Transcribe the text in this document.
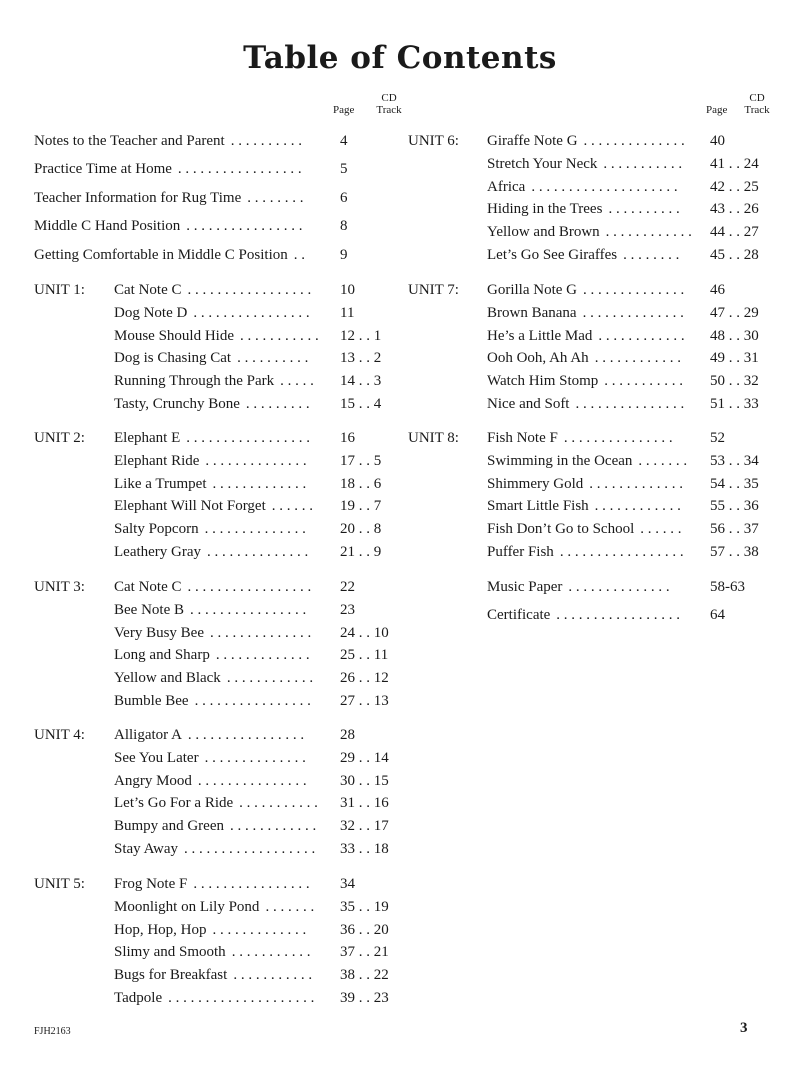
Table of Contents
Page
CD
Track	Page
CD
Track
Notes to the Teacher and Parent . . . . . . . . . .	4
Practice Time at Home . . . . . . . . . . . . . . . . .	5
Teacher Information for Rug Time . . . . . . . . 6
Middle C Hand Position . . . . . . . . . . . . . . . . 8
Getting Comfortable in Middle C Position . . 9
UNIT 1: Cat Note C . . . . . . . . . . . . . . . . . 10
Dog Note D . . . . . . . . . . . . . . . . 11
Mouse Should Hide . . . . . . . . . . . 12 . . 1
Dog is Chasing Cat . . . . . . . . . . 13 . . 2
Running Through the Park . . . . . 14 . . 3
Tasty, Crunchy Bone . . . . . . . . . 15 . . 4
UNIT 2: Elephant E . . . . . . . . . . . . . . . . . 16
Elephant Ride . . . . . . . . . . . . . . 17 . . 5
Like a Trumpet . . . . . . . . . . . . . 18 . . 6
Elephant Will Not Forget . . . . . . 19 . . 7
Salty Popcorn . . . . . . . . . . . . . . 20 . . 8
Leathery Gray . . . . . . . . . . . . . . 21 . . 9
UNIT 3: Cat Note C . . . . . . . . . . . . . . . . . 22
Bee Note B . . . . . . . . . . . . . . . . 23
Very Busy Bee . . . . . . . . . . . . . . 24 . . 10
Long and Sharp . . . . . . . . . . . . . 25 . . 11
Yellow and Black . . . . . . . . . . . . 26 . . 12
Bumble Bee . . . . . . . . . . . . . . . . 27 . . 13
UNIT 4: Alligator A . . . . . . . . . . . . . . . . 28
See You Later . . . . . . . . . . . . . . 29 . . 14
Angry Mood . . . . . . . . . . . . . . . 30 . . 15
Let’s Go For a Ride . . . . . . . . . . . 31 . . 16
Bumpy and Green . . . . . . . . . . . . 32 . . 17
Stay Away . . . . . . . . . . . . . . . . . . 33 . . 18
UNIT 5: Frog Note F . . . . . . . . . . . . . . . . 34
Moonlight on Lily Pond . . . . . . . 35 . . 19
Hop, Hop, Hop . . . . . . . . . . . . . 36 . . 20
Slimy and Smooth . . . . . . . . . . . 37 . . 21
Bugs for Breakfast . . . . . . . . . . . 38 . . 22
Tadpole . . . . . . . . . . . . . . . . . . . . 39 . . 23
UNIT 6: Giraffe Note G . . . . . . . . . . . . . . 40
Stretch Your Neck . . . . . . . . . . . 41 . . 24
Africa . . . . . . . . . . . . . . . . . . . . 42 . . 25
Hiding in the Trees . . . . . . . . . . 43 . . 26
Yellow and Brown . . . . . . . . . . . . 44 . . 27
Let’s Go See Giraffes . . . . . . . . 45 . . 28
UNIT 7: Gorilla Note G . . . . . . . . . . . . . . 46
Brown Banana . . . . . . . . . . . . . . 47 . . 29
He’s a Little Mad . . . . . . . . . . . . 48 . . 30
Ooh Ooh, Ah Ah . . . . . . . . . . . . 49 . . 31
Watch Him Stomp . . . . . . . . . . . 50 . . 32
Nice and Soft . . . . . . . . . . . . . . . 51 . . 33
UNIT 8: Fish Note F . . . . . . . . . . . . . . . 52
Swimming in the Ocean . . . . . . . 53 . . 34
Shimmery Gold . . . . . . . . . . . . . 54 . . 35
Smart Little Fish . . . . . . . . . . . . 55 . . 36
Fish Don’t Go to School . . . . . . 56 . . 37
Puffer Fish . . . . . . . . . . . . . . . . . 57 . . 38
Music Paper . . . . . . . . . . . . . .	58-63
Certificate . . . . . . . . . . . . . . . . . 64
FJH2163	3
